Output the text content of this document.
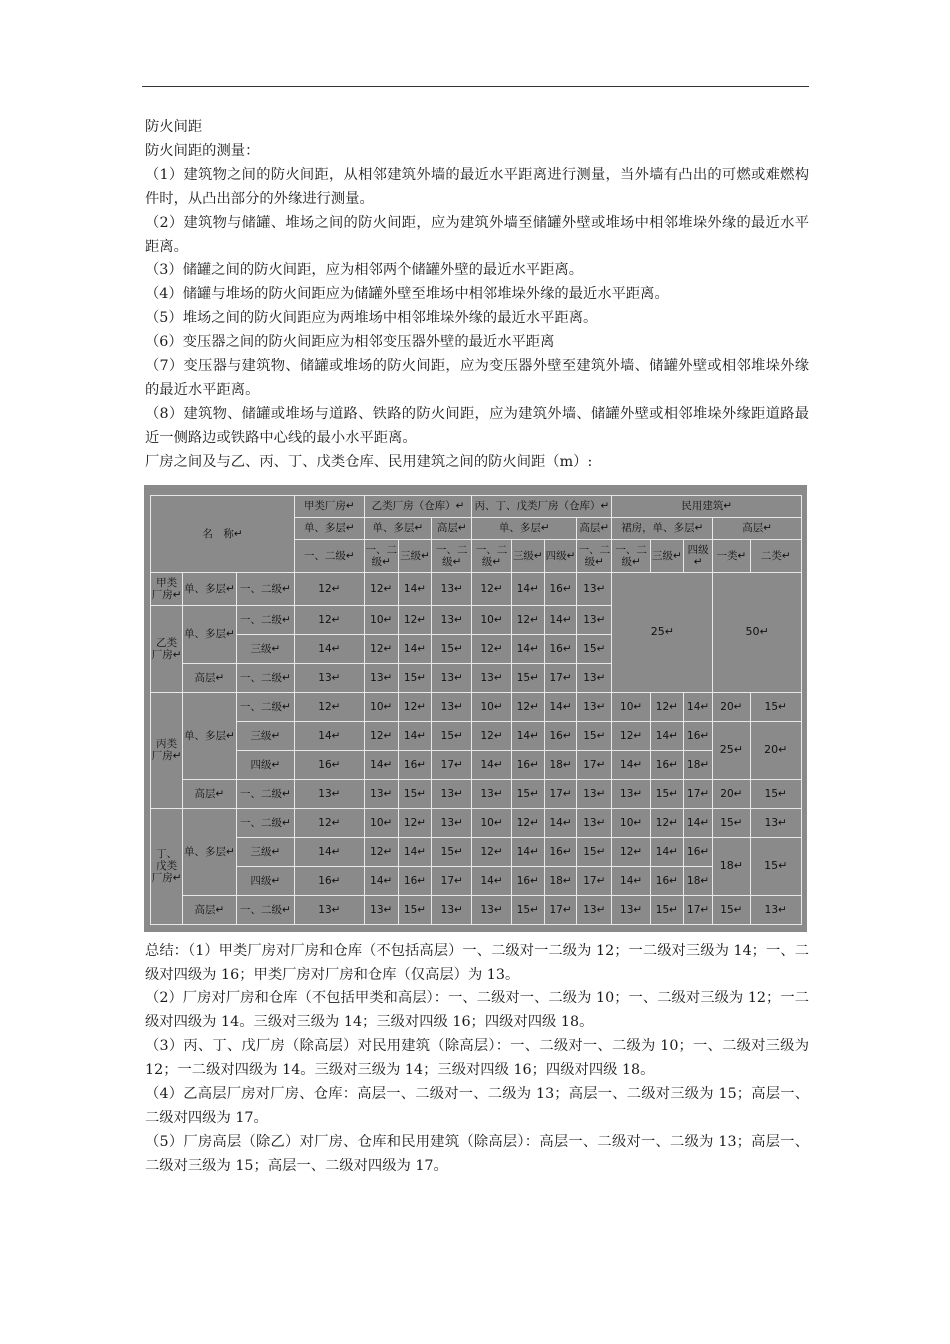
防火间距

防火间距的测量：

（1）建筑物之间的防火间距，从相邻建筑外墙的最近水平距离进行测量，当外墙有凸出的可燃或难燃构件时，从凸出部分的外缘进行测量。

（2）建筑物与储罐、堆场之间的防火间距，应为建筑外墙至储罐外壁或堆场中相邻堆垛外缘的最近水平距离。

（3）储罐之间的防火间距，应为相邻两个储罐外壁的最近水平距离。

（4）储罐与堆场的防火间距应为储罐外壁至堆场中相邻堆垛外缘的最近水平距离。

（5）堆场之间的防火间距应为两堆场中相邻堆垛外缘的最近水平距离。

（6）变压器之间的防火间距应为相邻变压器外壁的最近水平距离

（7）变压器与建筑物、储罐或堆场的防火间距，应为变压器外壁至建筑外墙、储罐外壁或相邻堆垛外缘的最近水平距离。

（8）建筑物、储罐或堆场与道路、铁路的防火间距，应为建筑外墙、储罐外壁或相邻堆垛外缘距道路最近一侧路边或铁路中心线的最小水平距离。

厂房之间及与乙、丙、丁、戊类仓库、民用建筑之间的防火间距（m）:

名　称↵			甲类厂房↵	乙类厂房（仓库）↵			丙、丁、戊类厂房（仓库）↵				民用建筑↵				
			单、多层↵	单、多层↵		高层↵	单、多层↵			高层↵	裙房，单、多层↵			高层↵	
			一、二级↵	一、二级↵	三级↵	一、二级↵	一、二级↵	三级↵	四级↵	一、二级↵	一、二级↵	三级↵	四级↵	一类↵	二类↵
甲类厂房↵	单、多层↵	一、二级↵	12↵	12↵	14↵	13↵	12↵	14↵	16↵	13↵	25↵			50↵	
乙类厂房↵	单、多层↵	一、二级↵	12↵	10↵	12↵	13↵	10↵	12↵	14↵	13↵					
		三级↵	14↵	12↵	14↵	15↵	12↵	14↵	16↵	15↵					
	高层↵	一、二级↵	13↵	13↵	15↵	13↵	13↵	15↵	17↵	13↵					
丙类厂房↵	单、多层↵	一、二级↵	12↵	10↵	12↵	13↵	10↵	12↵	14↵	13↵	10↵	12↵	14↵	20↵	15↵
		三级↵	14↵	12↵	14↵	15↵	12↵	14↵	16↵	15↵	12↵	14↵	16↵	25↵	20↵
		四级↵	16↵	14↵	16↵	17↵	14↵	16↵	18↵	17↵	14↵	16↵	18↵		
	高层↵	一、二级↵	13↵	13↵	15↵	13↵	13↵	15↵	17↵	13↵	13↵	15↵	17↵	20↵	15↵
丁、戊类厂房↵	单、多层↵	一、二级↵	12↵	10↵	12↵	13↵	10↵	12↵	14↵	13↵	10↵	12↵	14↵	15↵	13↵
		三级↵	14↵	12↵	14↵	15↵	12↵	14↵	16↵	15↵	12↵	14↵	16↵	18↵	15↵
		四级↵	16↵	14↵	16↵	17↵	14↵	16↵	18↵	17↵	14↵	16↵	18↵		
	高层↵	一、二级↵	13↵	13↵	15↵	13↵	13↵	15↵	17↵	13↵	13↵	15↵	17↵	15↵	13↵

总结：（1）甲类厂房对厂房和仓库（不包括高层）一、二级对一二级为 12；一二级对三级为 14；一、二级对四级为 16；甲类厂房对厂房和仓库（仅高层）为 13。

（2）厂房对厂房和仓库（不包括甲类和高层）：一、二级对一、二级为 10；一、二级对三级为 12；一二级对四级为 14。三级对三级为 14；三级对四级 16；四级对四级 18。

（3）丙、丁、戊厂房（除高层）对民用建筑（除高层）：一、二级对一、二级为 10；一、二级对三级为 12；一二级对四级为 14。三级对三级为 14；三级对四级 16；四级对四级 18。

（4）乙高层厂房对厂房、仓库：高层一、二级对一、二级为 13；高层一、二级对三级为 15；高层一、二级对四级为 17。

（5）厂房高层（除乙）对厂房、仓库和民用建筑（除高层）：高层一、二级对一、二级为 13；高层一、二级对三级为 15；高层一、二级对四级为 17。
